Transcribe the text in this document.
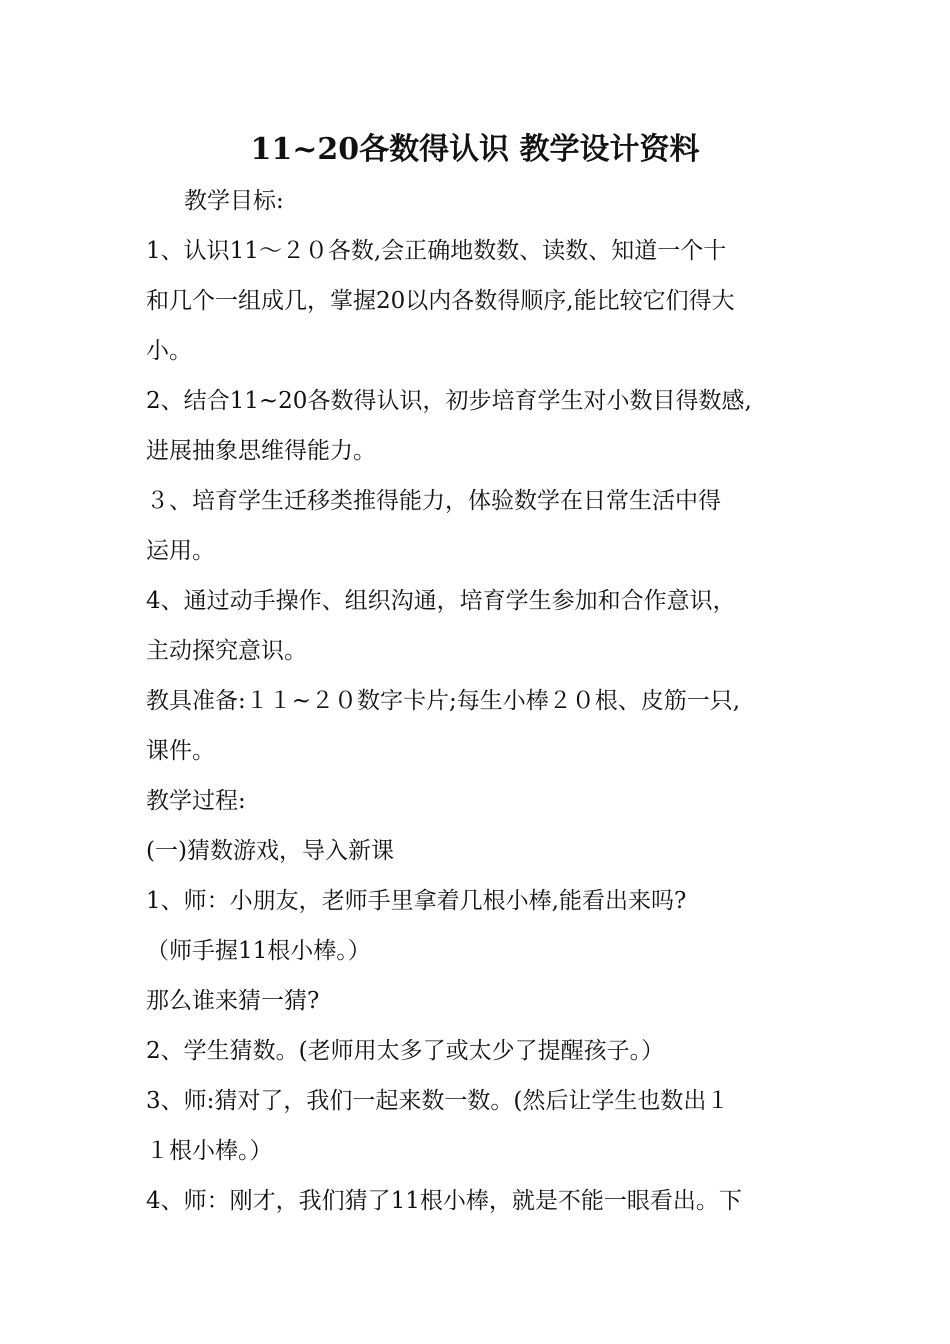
11~20各数得认识 教学设计资料
教学目标:
1、认识11～２０各数,会正确地数数、读数、知道一个十
和几个一组成几，掌握20以内各数得顺序,能比较它们得大
小。
2、结合11~20各数得认识，初步培育学生对小数目得数感,
进展抽象思维得能力。
３、培育学生迁移类推得能力，体验数学在日常生活中得
运用。
4、通过动手操作、组织沟通，培育学生参加和合作意识，
主动探究意识。
教具准备:１１~２０数字卡片;每生小棒２０根、皮筋一只,
课件。
教学过程:
(一)猜数游戏，导入新课
1、师：小朋友，老师手里拿着几根小棒,能看出来吗?
（师手握11根小棒。）
那么谁来猜一猜?
2、学生猜数。(老师用太多了或太少了提醒孩子。）
3、师:猜对了，我们一起来数一数。(然后让学生也数出１
１根小棒。）
4、师：刚才，我们猜了11根小棒，就是不能一眼看出。下
